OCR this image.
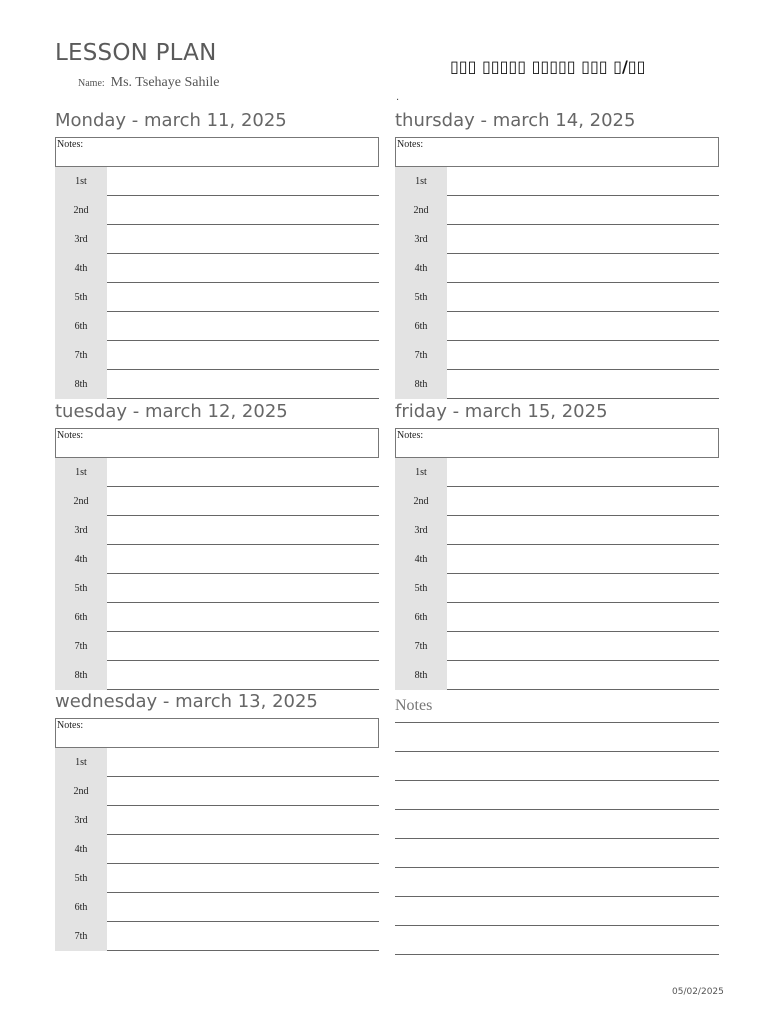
LESSON PLAN
Name: Ms. Tsehaye Sahile
▯▯▯ ▯▯▯▯▯ ▯▯▯▯▯ ▯▯▯ ▯/▯▯
.
Monday - march 11, 2025
Notes:
1st
2nd
3rd
4th
5th
6th
7th
8th
thursday - march 14, 2025
Notes:
1st
2nd
3rd
4th
5th
6th
7th
8th
tuesday - march 12, 2025
Notes:
1st
2nd
3rd
4th
5th
6th
7th
8th
friday - march 15, 2025
Notes:
1st
2nd
3rd
4th
5th
6th
7th
8th
wednesday - march 13, 2025
Notes:
1st
2nd
3rd
4th
5th
6th
7th
Notes
05/02/2025
